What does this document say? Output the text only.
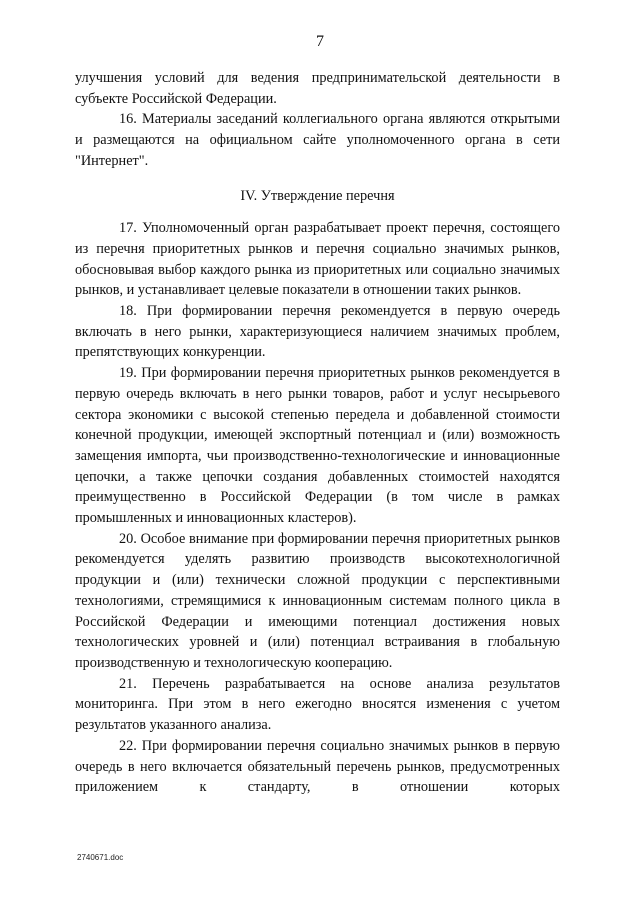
7

улучшения условий для ведения предпринимательской деятельности в субъекте Российской Федерации.

16. Материалы заседаний коллегиального органа являются открытыми и размещаются на официальном сайте уполномоченного органа в сети "Интернет".

IV. Утверждение перечня

17. Уполномоченный орган разрабатывает проект перечня, состоящего из перечня приоритетных рынков и перечня социально значимых рынков, обосновывая выбор каждого рынка из приоритетных или социально значимых рынков, и устанавливает целевые показатели в отношении таких рынков.

18. При формировании перечня рекомендуется в первую очередь включать в него рынки, характеризующиеся наличием значимых проблем, препятствующих конкуренции.

19. При формировании перечня приоритетных рынков рекомендуется в первую очередь включать в него рынки товаров, работ и услуг несырьевого сектора экономики с высокой степенью передела и добавленной стоимости конечной продукции, имеющей экспортный потенциал и (или) возможность замещения импорта, чьи производственно-технологические и инновационные цепочки, а также цепочки создания добавленных стоимостей находятся преимущественно в Российской Федерации (в том числе в рамках промышленных и инновационных кластеров).

20. Особое внимание при формировании перечня приоритетных рынков рекомендуется уделять развитию производств высокотехнологичной продукции и (или) технически сложной продукции с перспективными технологиями, стремящимися к инновационным системам полного цикла в Российской Федерации и имеющими потенциал достижения новых технологических уровней и (или) потенциал встраивания в глобальную производственную и технологическую кооперацию.

21. Перечень разрабатывается на основе анализа результатов мониторинга. При этом в него ежегодно вносятся изменения с учетом результатов указанного анализа.

22. При формировании перечня социально значимых рынков в первую очередь в него включается обязательный перечень рынков, предусмотренных приложением к стандарту, в отношении которых

2740671.doc
